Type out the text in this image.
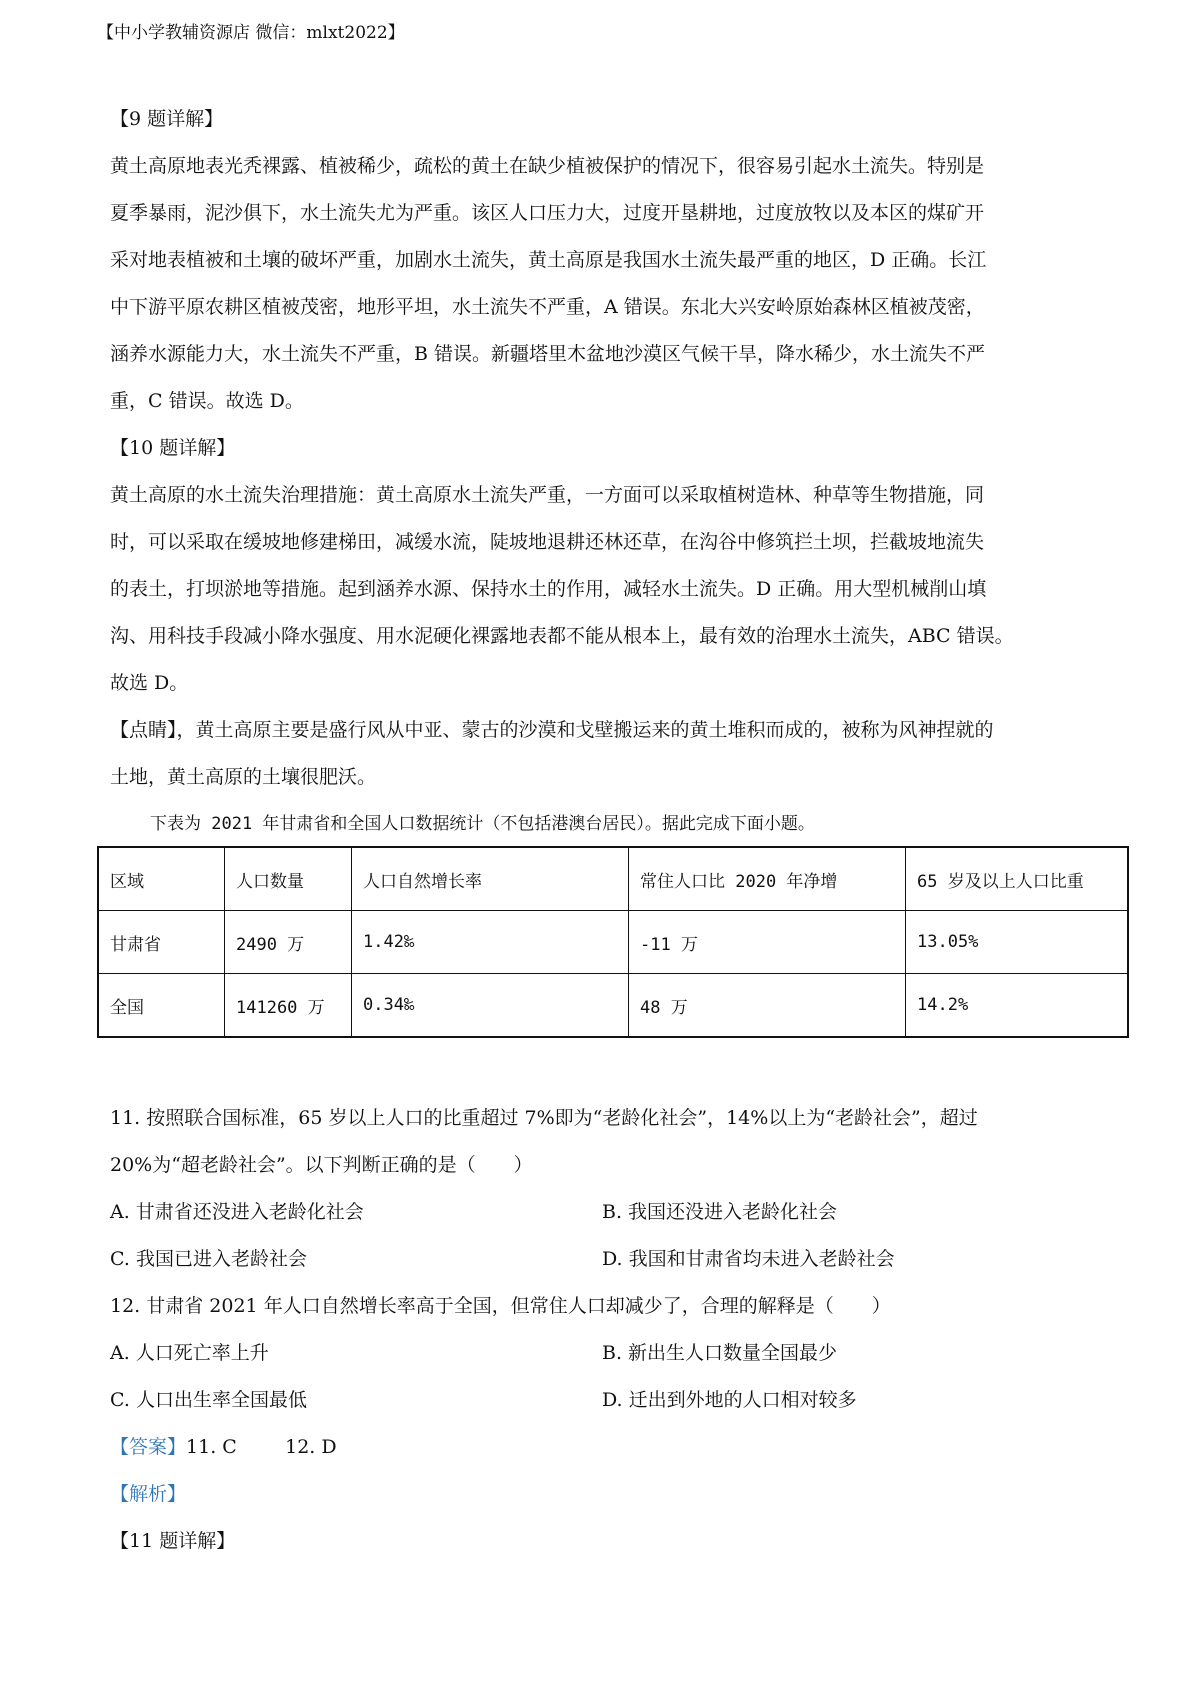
【中小学教辅资源店 微信：mlxt2022】
【9 题详解】
黄土高原地表光秃裸露、植被稀少，疏松的黄土在缺少植被保护的情况下，很容易引起水土流失。特别是
夏季暴雨，泥沙俱下，水土流失尤为严重。该区人口压力大，过度开垦耕地，过度放牧以及本区的煤矿开
采对地表植被和土壤的破坏严重，加剧水土流失，黄土高原是我国水土流失最严重的地区，D 正确。长江
中下游平原农耕区植被茂密，地形平坦，水土流失不严重，A 错误。东北大兴安岭原始森林区植被茂密，
涵养水源能力大，水土流失不严重，B 错误。新疆塔里木盆地沙漠区气候干旱，降水稀少，水土流失不严
重，C 错误。故选 D。
【10 题详解】
黄土高原的水土流失治理措施：黄土高原水土流失严重，一方面可以采取植树造林、种草等生物措施，同
时，可以采取在缓坡地修建梯田，减缓水流，陡坡地退耕还林还草，在沟谷中修筑拦土坝，拦截坡地流失
的表土，打坝淤地等措施。起到涵养水源、保持水土的作用，减轻水土流失。D 正确。用大型机械削山填
沟、用科技手段减小降水强度、用水泥硬化裸露地表都不能从根本上，最有效的治理水土流失，ABC 错误。
故选 D。
【点睛】，黄土高原主要是盛行风从中亚、蒙古的沙漠和戈壁搬运来的黄土堆积而成的，被称为风神捏就的
土地，黄土高原的土壤很肥沃。
下表为 2021 年甘肃省和全国人口数据统计（不包括港澳台居民）。据此完成下面小题。
区域	人口数量	人口自然增长率	常住人口比 2020 年净增	65 岁及以上人口比重
甘肃省	2490 万	1.42‰	-11 万	13.05%
全国	141260 万	0.34‰	48 万	14.2%
11. 按照联合国标准，65 岁以上人口的比重超过 7%即为“老龄化社会”，14%以上为“老龄社会”，超过
20%为“超老龄社会”。以下判断正确的是（　　）
A. 甘肃省还没进入老龄化社会	B. 我国还没进入老龄化社会
C. 我国已进入老龄社会	D. 我国和甘肃省均未进入老龄社会
12. 甘肃省 2021 年人口自然增长率高于全国，但常住人口却减少了，合理的解释是（　　）
A. 人口死亡率上升	B. 新出生人口数量全国最少
C. 人口出生率全国最低	D. 迁出到外地的人口相对较多
【答案】11. C        12. D
【解析】
【11 题详解】
